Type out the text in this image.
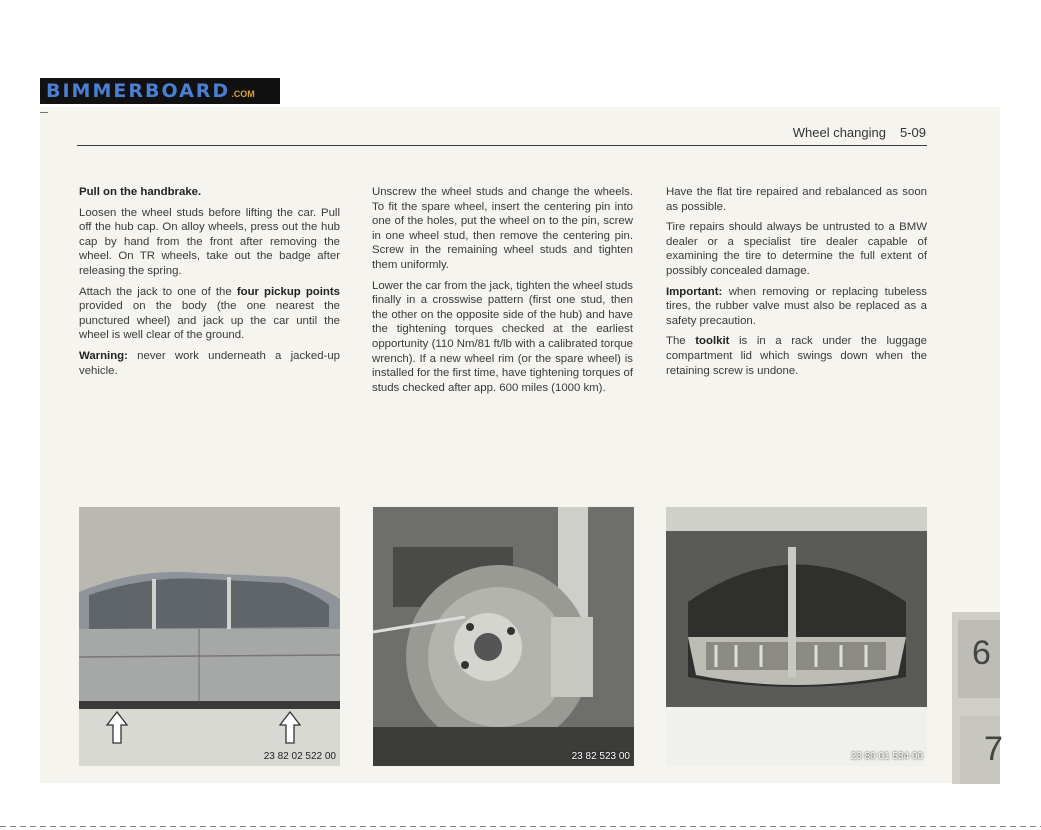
BIMMERBOARD .COM
Wheel changing 5-09

Pull on the handbrake.

Loosen the wheel studs before lifting the car. Pull off the hub cap. On alloy wheels, press out the hub cap by hand from the front after removing the wheel. On TR wheels, take out the badge after releasing the spring.

Attach the jack to one of the four pickup points provided on the body (the one nearest the punctured wheel) and jack up the car until the wheel is well clear of the ground.

Warning: never work underneath a jacked-up vehicle.

Unscrew the wheel studs and change the wheels. To fit the spare wheel, insert the centering pin into one of the holes, put the wheel on to the pin, screw in one wheel stud, then remove the centering pin. Screw in the remaining wheel studs and tighten them uniformly.

Lower the car from the jack, tighten the wheel studs finally in a crosswise pattern (first one stud, then the other on the opposite side of the hub) and have the tightening torques checked at the earliest opportunity (110 Nm/81 ft/lb with a calibrated torque wrench). If a new wheel rim (or the spare wheel) is installed for the first time, have tightening torques of studs checked after app. 600 miles (1000 km).

Have the flat tire repaired and rebalanced as soon as possible.

Tire repairs should always be untrusted to a BMW dealer or a specialist tire dealer capable of examining the tire to determine the full extent of possibly concealed damage.

Important: when removing or replacing tubeless tires, the rubber valve must also be replaced as a safety precaution.

The toolkit is in a rack under the luggage compartment lid which swings down when the retaining screw is undone.

23 82 02 522 00	23 82 523 00	23 80 01 534 00
6
7
